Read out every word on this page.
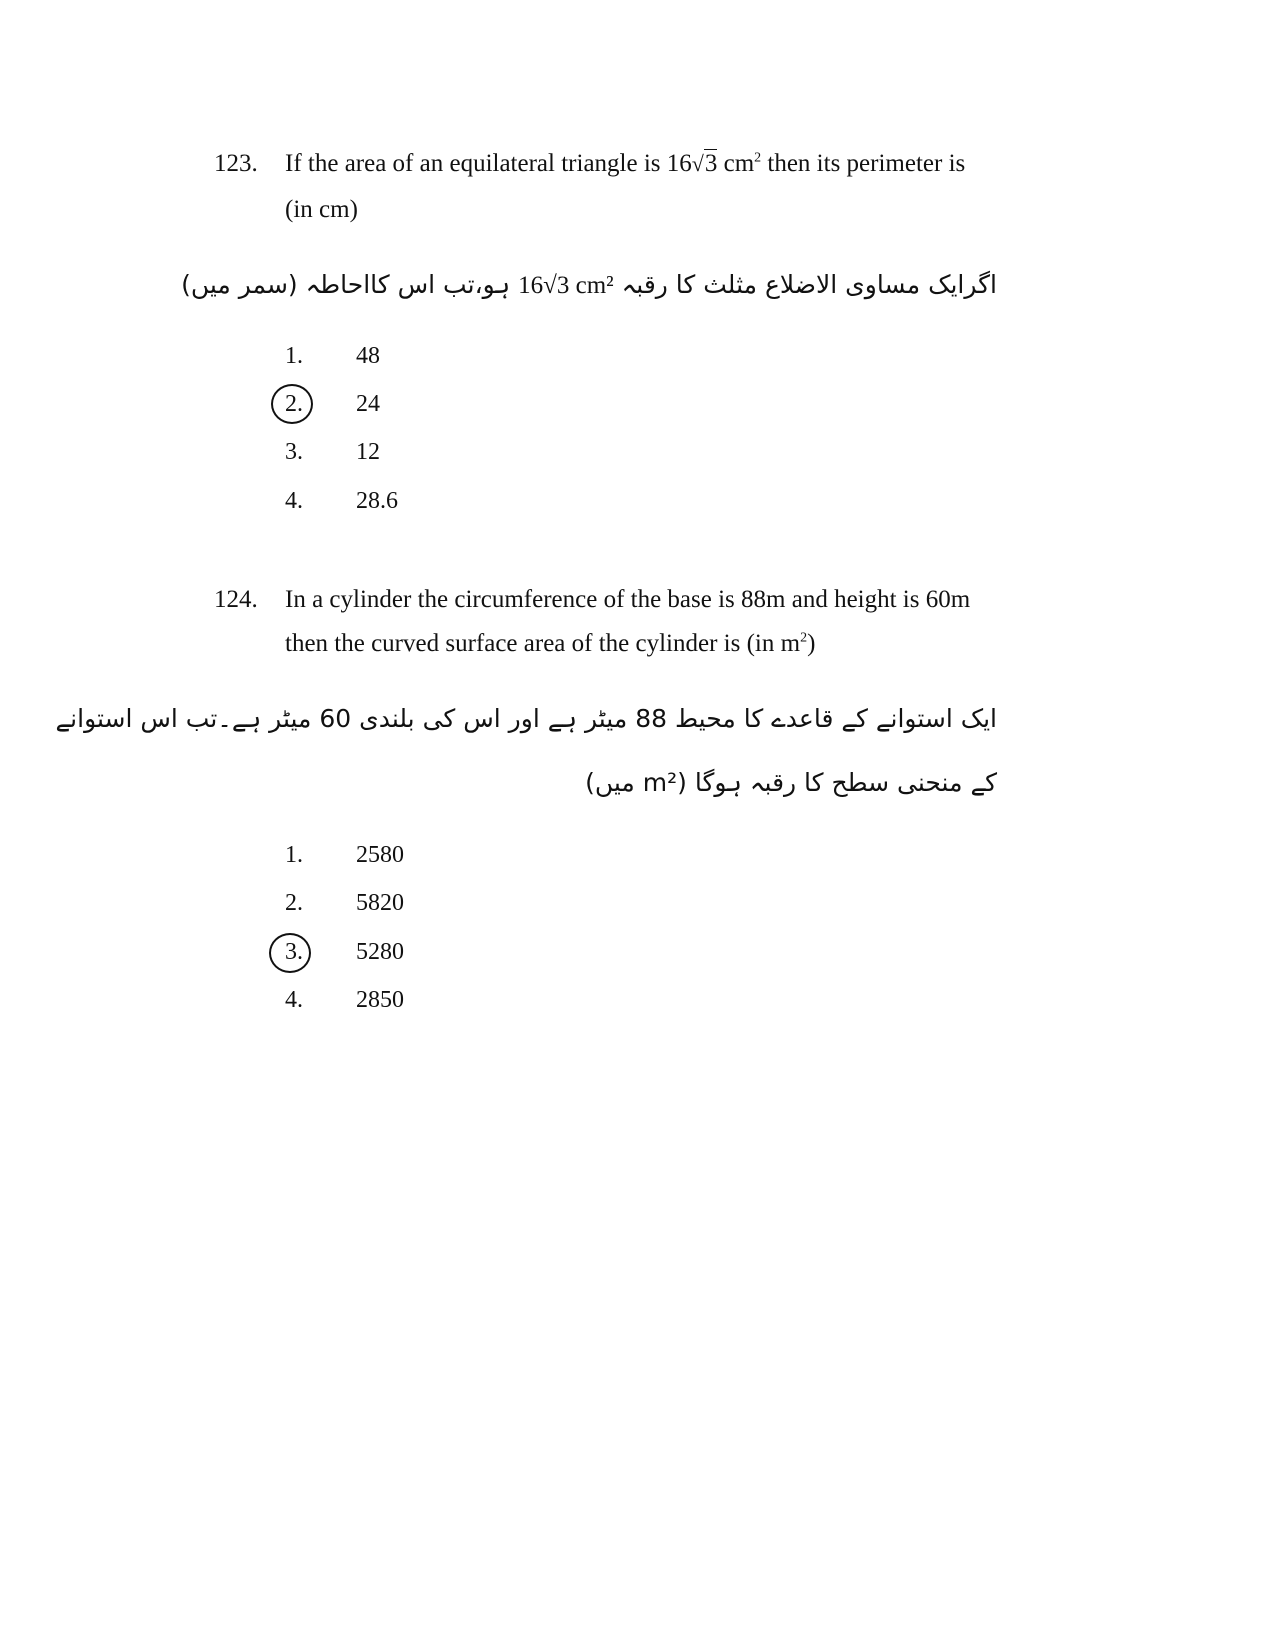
123. If the area of an equilateral triangle is 16√3 $cm^2$ then its perimeter is
(in cm)
اگرایک مساوی الاضلاع مثلث کا رقبہ 16√3 cm² ہو،تب اس کااحاطہ (سمر میں)
1.	48
2.	24
3.	12
4.	28.6
124. In a cylinder the circumference of the base is 88m and height is 60m
then the curved surface area of the cylinder is (in $m^2$)
ایک استوانے کے قاعدے کا محیط 88 میٹر ہے اور اس کی بلندی 60 میٹر ہے۔تب اس استوانے
کے منحنی سطح کا رقبہ ہوگا (m² میں)
1.	2580
2.	5820
3.	5280
4.	2850
